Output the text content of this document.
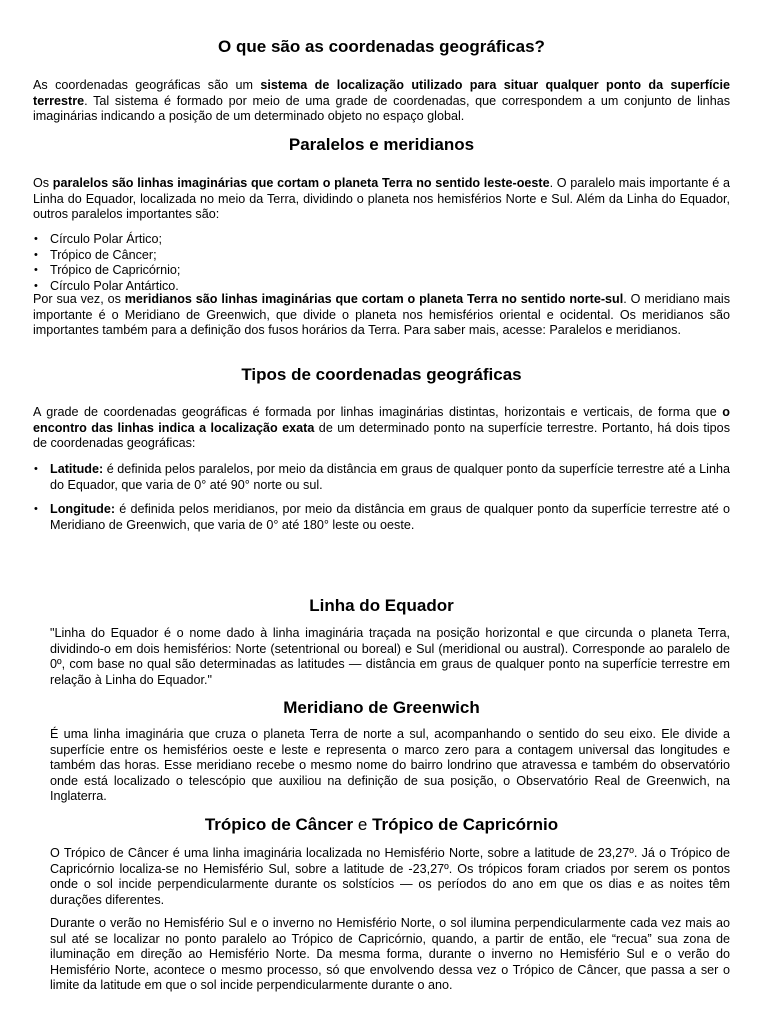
O que são as coordenadas geográficas?

As coordenadas geográficas são um sistema de localização utilizado para situar qualquer ponto da superfície terrestre. Tal sistema é formado por meio de uma grade de coordenadas, que correspondem a um conjunto de linhas imaginárias indicando a posição de um determinado objeto no espaço global.

Paralelos e meridianos

Os paralelos são linhas imaginárias que cortam o planeta Terra no sentido leste-oeste. O paralelo mais importante é a Linha do Equador, localizada no meio da Terra, dividindo o planeta nos hemisférios Norte e Sul. Além da Linha do Equador, outros paralelos importantes são:

• Círculo Polar Ártico;
• Trópico de Câncer;
• Trópico de Capricórnio;
• Círculo Polar Antártico.

Por sua vez, os meridianos são linhas imaginárias que cortam o planeta Terra no sentido norte-sul. O meridiano mais importante é o Meridiano de Greenwich, que divide o planeta nos hemisférios oriental e ocidental. Os meridianos são importantes também para a definição dos fusos horários da Terra. Para saber mais, acesse: Paralelos e meridianos.

Tipos de coordenadas geográficas

A grade de coordenadas geográficas é formada por linhas imaginárias distintas, horizontais e verticais, de forma que o encontro das linhas indica a localização exata de um determinado ponto na superfície terrestre. Portanto, há dois tipos de coordenadas geográficas:

• Latitude: é definida pelos paralelos, por meio da distância em graus de qualquer ponto da superfície terrestre até a Linha do Equador, que varia de 0° até 90° norte ou sul.
• Longitude: é definida pelos meridianos, por meio da distância em graus de qualquer ponto da superfície terrestre até o Meridiano de Greenwich, que varia de 0° até 180° leste ou oeste.
Linha do Equador

"Linha do Equador é o nome dado à linha imaginária traçada na posição horizontal e que circunda o planeta Terra, dividindo-o em dois hemisférios: Norte (setentrional ou boreal) e Sul (meridional ou austral). Corresponde ao paralelo de 0º, com base no qual são determinadas as latitudes — distância em graus de qualquer ponto na superfície terrestre em relação à Linha do Equador."

Meridiano de Greenwich

É uma linha imaginária que cruza o planeta Terra de norte a sul, acompanhando o sentido do seu eixo. Ele divide a superfície entre os hemisférios oeste e leste e representa o marco zero para a contagem universal das longitudes e também das horas. Esse meridiano recebe o mesmo nome do bairro londrino que atravessa e também do observatório onde está localizado o telescópio que auxiliou na definição de sua posição, o Observatório Real de Greenwich, na Inglaterra.

Trópico de Câncer e Trópico de Capricórnio

O Trópico de Câncer é uma linha imaginária localizada no Hemisfério Norte, sobre a latitude de 23,27º. Já o Trópico de Capricórnio localiza-se no Hemisfério Sul, sobre a latitude de -23,27º. Os trópicos foram criados por serem os pontos onde o sol incide perpendicularmente durante os solstícios — os períodos do ano em que os dias e as noites têm durações diferentes.

Durante o verão no Hemisfério Sul e o inverno no Hemisfério Norte, o sol ilumina perpendicularmente cada vez mais ao sul até se localizar no ponto paralelo ao Trópico de Capricórnio, quando, a partir de então, ele “recua” sua zona de iluminação em direção ao Hemisfério Norte. Da mesma forma, durante o inverno no Hemisfério Sul e o verão do Hemisfério Norte, acontece o mesmo processo, só que envolvendo dessa vez o Trópico de Câncer, que passa a ser o limite da latitude em que o sol incide perpendicularmente durante o ano.
